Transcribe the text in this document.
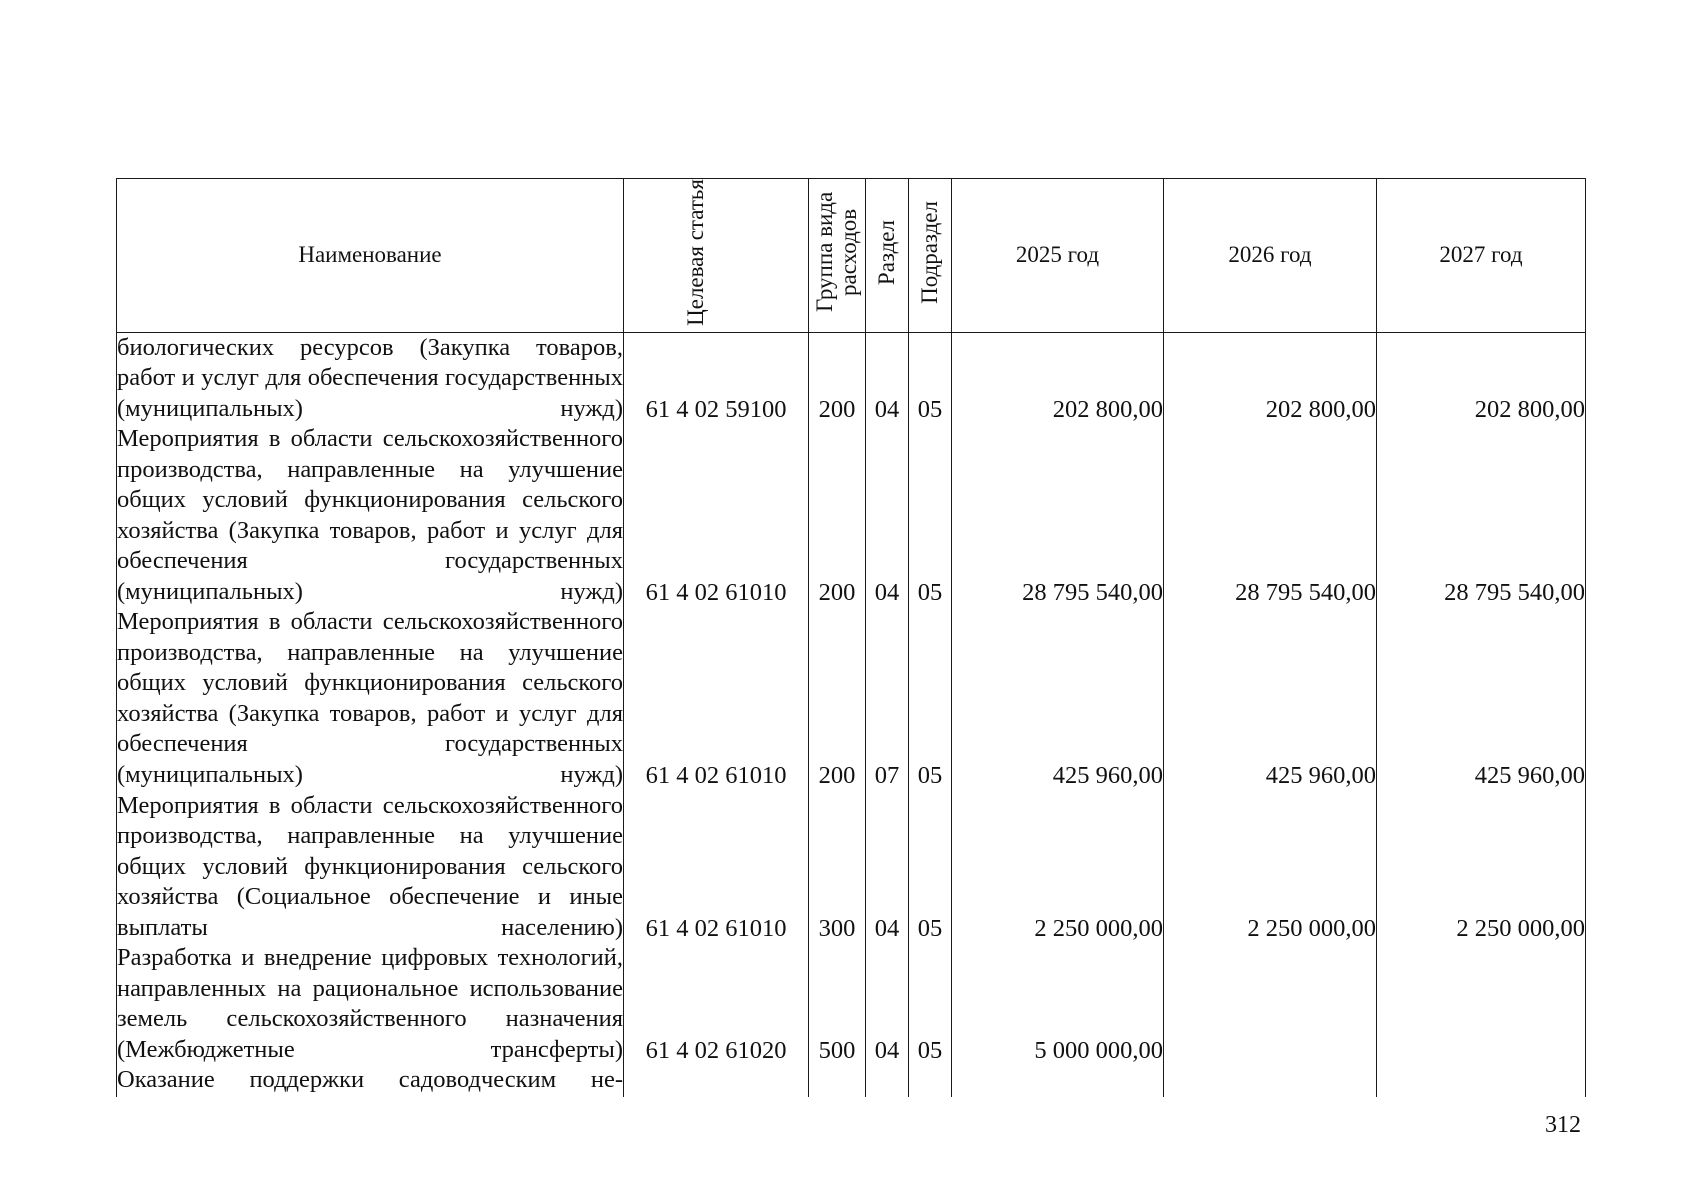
Наименование	Целевая статья	Группа вида расходов	Раздел	Подраздел	2025 год	2026 год	2027 год
биологических ресурсов (Закупка товаров, работ и услуг для обеспечения государственных (муниципальных) нужд)	61 4 02 59100	200	04	05	202 800,00	202 800,00	202 800,00
Мероприятия в области сельскохозяйственного производства, направленные на улучшение общих условий функционирования сельского хозяйства (Закупка товаров, работ и услуг для обеспечения государственных (муниципальных) нужд)	61 4 02 61010	200	04	05	28 795 540,00	28 795 540,00	28 795 540,00
Мероприятия в области сельскохозяйственного производства, направленные на улучшение общих условий функционирования сельского хозяйства (Закупка товаров, работ и услуг для обеспечения государственных (муниципальных) нужд)	61 4 02 61010	200	07	05	425 960,00	425 960,00	425 960,00
Мероприятия в области сельскохозяйственного производства, направленные на улучшение общих условий функционирования сельского хозяйства (Социальное обеспечение и иные выплаты населению)	61 4 02 61010	300	04	05	2 250 000,00	2 250 000,00	2 250 000,00
Разработка и внедрение цифровых технологий, направленных на рациональное использование земель сельскохозяйственного назначения (Межбюджетные трансферты)	61 4 02 61020	500	04	05	5 000 000,00		
Оказание поддержки садоводческим не-							
312
